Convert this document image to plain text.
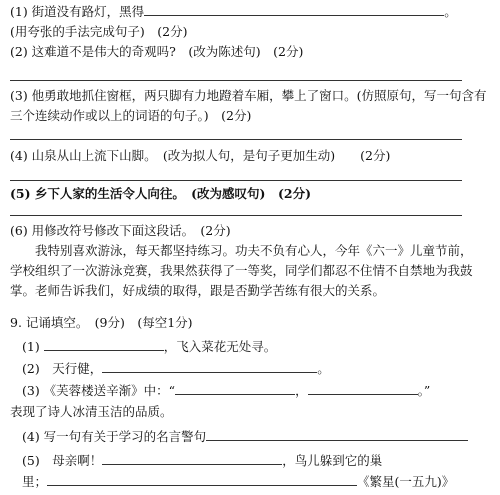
(1) 街道没有路灯，黑得	。
(用夸张的手法完成句子)　(2分)
(2) 这难道不是伟大的奇观吗?　(改为陈述句)　(2分)
(3) 他勇敢地抓住窗框，两只脚有力地蹬着车厢，攀上了窗口。(仿照原句，写一句含有
三个连续动作或以上的词语的句子。)　(2分)
(4) 山泉从山上流下山脚。　(改为拟人句，是句子更加生动)　　(2分)
(5) 乡下人家的生活令人向往。　(改为感叹句)　(2分)
(6) 用修改符号修改下面这段话。　(2分)
我特别喜欢游泳，每天都坚持练习。功夫不负有心人，今年《六一》儿童节前，学校组织了一次游泳竞赛，我果然获得了一等奖，同学们都忍不住情不自禁地为我鼓掌。老师告诉我们，好成绩的取得，跟是否勤学苦练有很大的关系。
9. 记诵填空。　(9分)　(每空1分)
(1)	，飞入菜花无处寻。
(2)　天行健，	。
(3) 《芙蓉楼送辛渐》中：“	，	。”
表现了诗人冰清玉洁的品质。
(4) 写一句有关于学习的名言警句
(5)　母亲啊！	，鸟儿躲到它的巢
里；	《繁星(一五九)》
